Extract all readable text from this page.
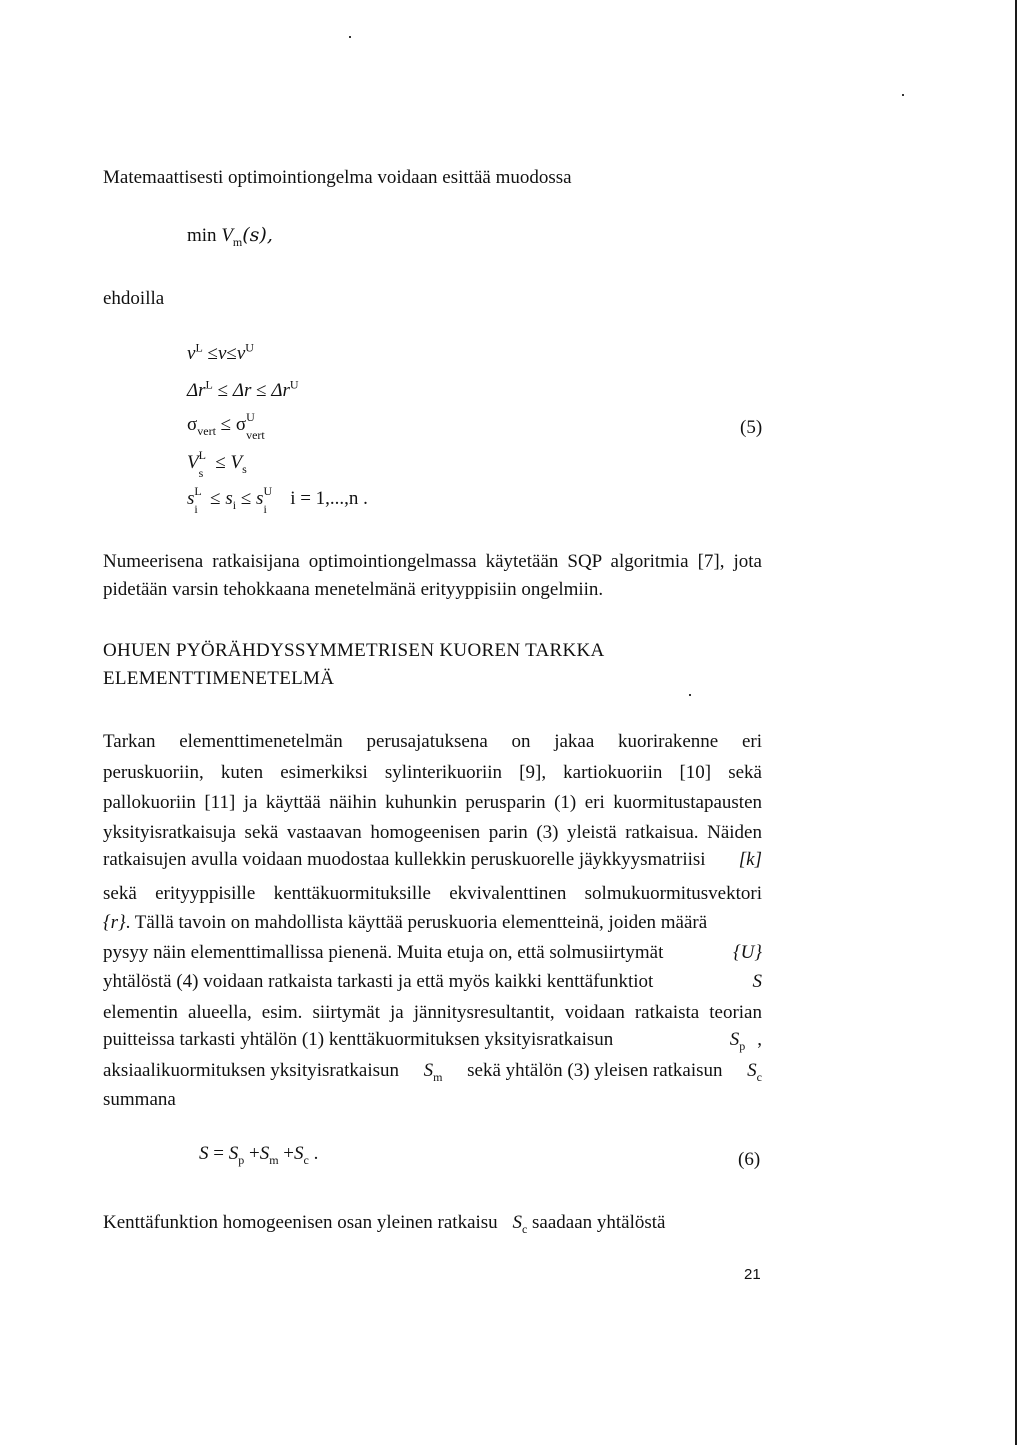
Matemaattisesti optimointiongelma voidaan esittää muodossa
$\min V_m(s)$,
ehdoilla
$v^L \le v\le v^U$
$\Delta r^L \le \Delta r \le \Delta r^U$
$\sigma_{vert} \le \sigma$ U
vert	(5)
V L
$s \le V_s$
s L
$i \le s_i \le s$ U
i i = 1,...,n .
Numeerisena ratkaisijana optimointiongelmassa käytetään SQP algoritmia [7], jota
pidetään varsin tehokkaana menetelmänä erityyppisiin ongelmiin.
OHUEN PYÖRÄHDYSSYMMETRISEN KUOREN TARKKA
ELEMENTTIMENETELMÄ
Tarkan elementtimenetelmän perusajatuksena on jakaa kuorirakenne eri
peruskuoriin, kuten esimerkiksi sylinterikuoriin [9], kartiokuoriin [10] sekä
pallokuoriin [11] ja käyttää näihin kuhunkin perusparin (1) eri kuormitustapausten
yksityisratkaisuja sekä vastaavan homogeenisen parin (3) yleistä ratkaisua. Näiden
ratkaisujen avulla voidaan muodostaa kullekkin peruskuorelle jäykkyysmatriisi [k]
sekä erityyppisille kenttäkuormituksille ekvivalenttinen solmukuormitusvektori
{r}. Tällä tavoin on mahdollista käyttää peruskuoria elementteinä, joiden määrä
pysyy näin elementtimallissa pienenä. Muita etuja on, että solmusiirtymät	{U}
yhtälöstä (4) voidaan ratkaista tarkasti ja että myös kaikki kenttäfunktiot	S
elementin alueella, esim. siirtymät ja jännitysresultantit, voidaan ratkaista teorian
puitteissa tarkasti yhtälön (1) kenttäkuormituksen yksityisratkaisun	$S_p$ ,
aksiaalikuormituksen yksityisratkaisun $S_m$ sekä yhtälön (3) yleisen ratkaisun $S_c$
summana
$S = S_p +S_m +S_c$ .	(6)
Kenttäfunktion homogeenisen osan yleinen ratkaisu $S_c$ saadaan yhtälöstä
21
